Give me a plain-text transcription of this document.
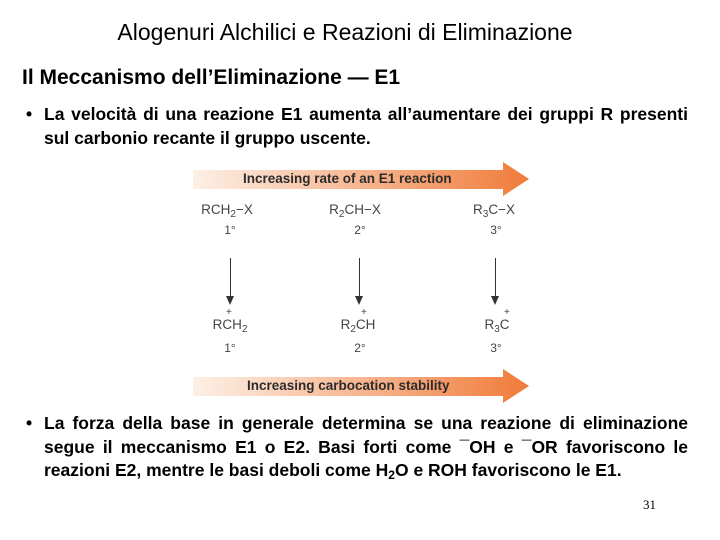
Alogenuri Alchilici e Reazioni di Eliminazione
Il Meccanismo dell’Eliminazione — E1
• La velocità di una reazione E1 aumenta all’aumentare dei gruppi R presenti sul carbonio recante il gruppo uscente.
Increasing rate of an E1 reaction
$RCH_2-X$
1°
$R_2CH-X$
2°
$R_3C-X$
3°
+
$RCH_2$
1°
+
$R_2CH$
2°
+
$R_3C$
3°
Increasing carbocation stability
• La forza della base in generale determina se una reazione di eliminazione segue il meccanismo E1 o E2. Basi forti come ¯OH e ¯OR favoriscono le reazioni E2, mentre le basi deboli come $H_2O$ e ROH favoriscono le E1.
31
